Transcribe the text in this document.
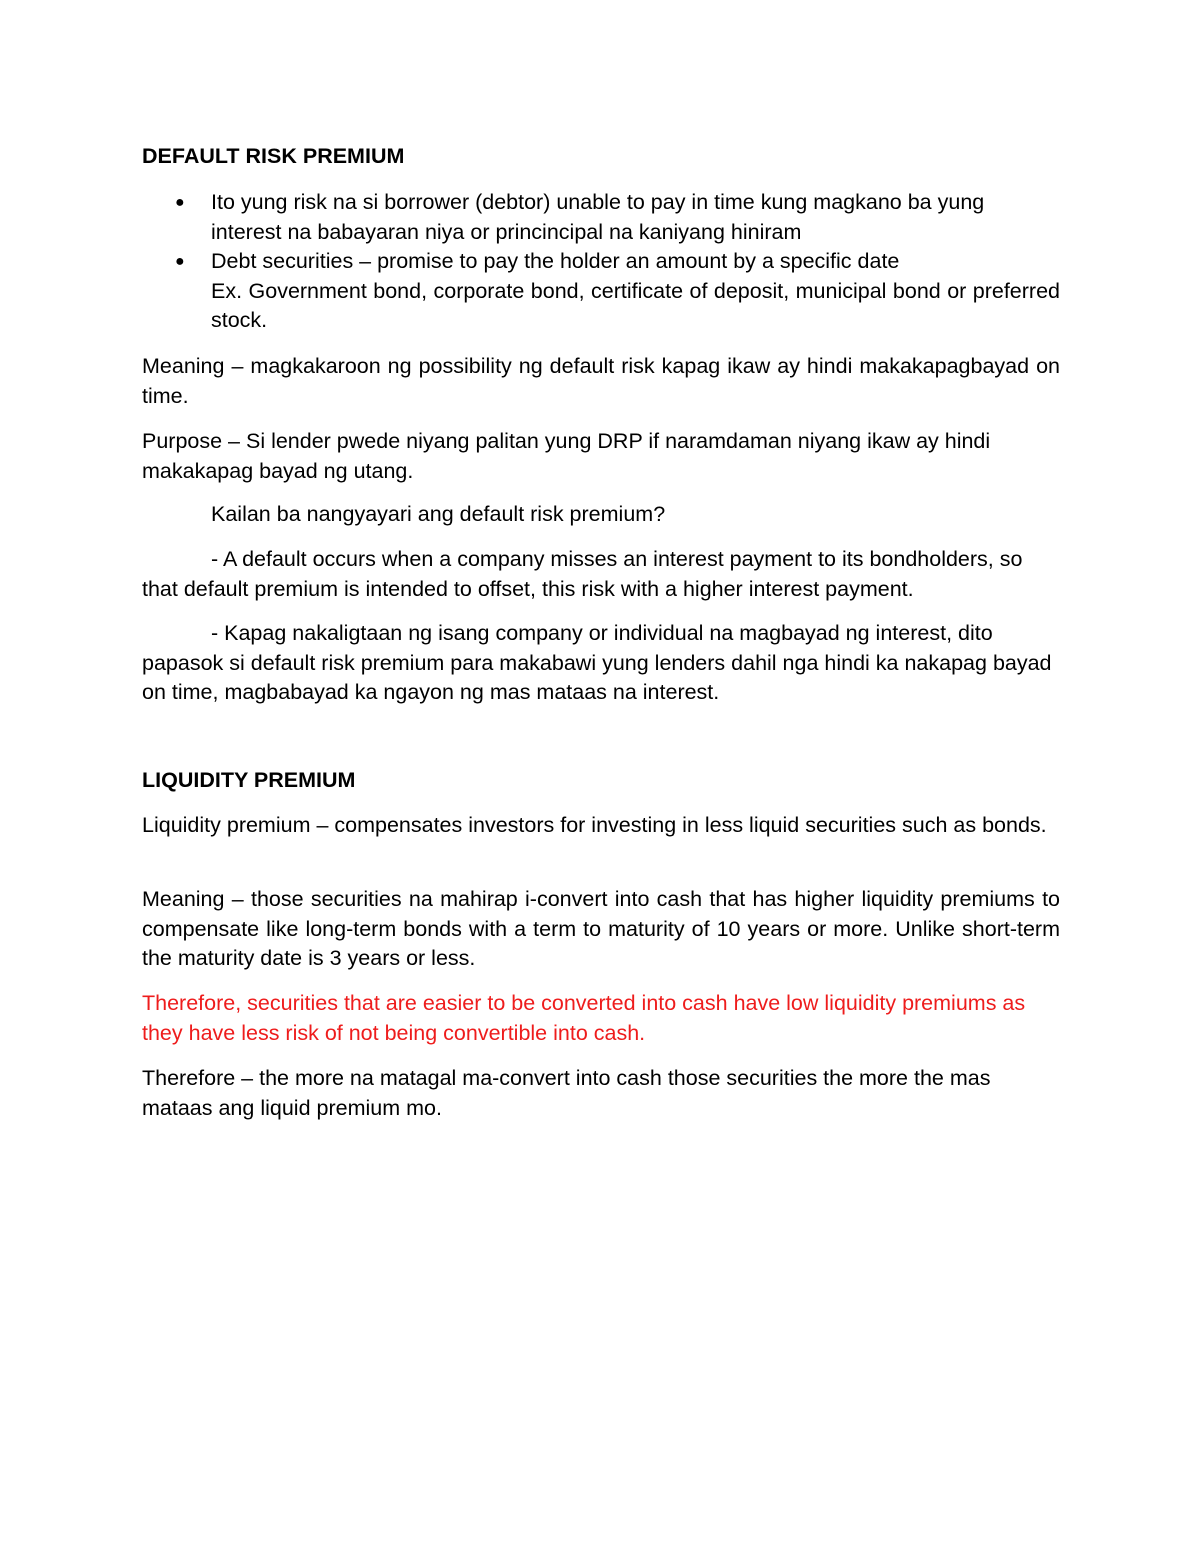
DEFAULT RISK PREMIUM
● Ito yung risk na si borrower (debtor) unable to pay in time kung magkano ba yung interest na babayaran niya or princincipal na kaniyang hiniram
● Debt securities – promise to pay the holder an amount by a specific date
Ex. Government bond, corporate bond, certificate of deposit, municipal bond or preferred stock.

Meaning – magkakaroon ng possibility ng default risk kapag ikaw ay hindi makakapagbayad on time.

Purpose – Si lender pwede niyang palitan yung DRP if naramdaman niyang ikaw ay hindi makakapag bayad ng utang.

Kailan ba nangyayari ang default risk premium?

- A default occurs when a company misses an interest payment to its bondholders, so that default premium is intended to offset, this risk with a higher interest payment.

- Kapag nakaligtaan ng isang company or individual na magbayad ng interest, dito papasok si default risk premium para makabawi yung lenders dahil nga hindi ka nakapag bayad on time, magbabayad ka ngayon ng mas mataas na interest.

LIQUIDITY PREMIUM

Liquidity premium – compensates investors for investing in less liquid securities such as bonds.

Meaning – those securities na mahirap i-convert into cash that has higher liquidity premiums to compensate like long-term bonds with a term to maturity of 10 years or more. Unlike short-term the maturity date is 3 years or less.

Therefore, securities that are easier to be converted into cash have low liquidity premiums as they have less risk of not being convertible into cash.

Therefore – the more na matagal ma-convert into cash those securities the more the mas mataas ang liquid premium mo.
